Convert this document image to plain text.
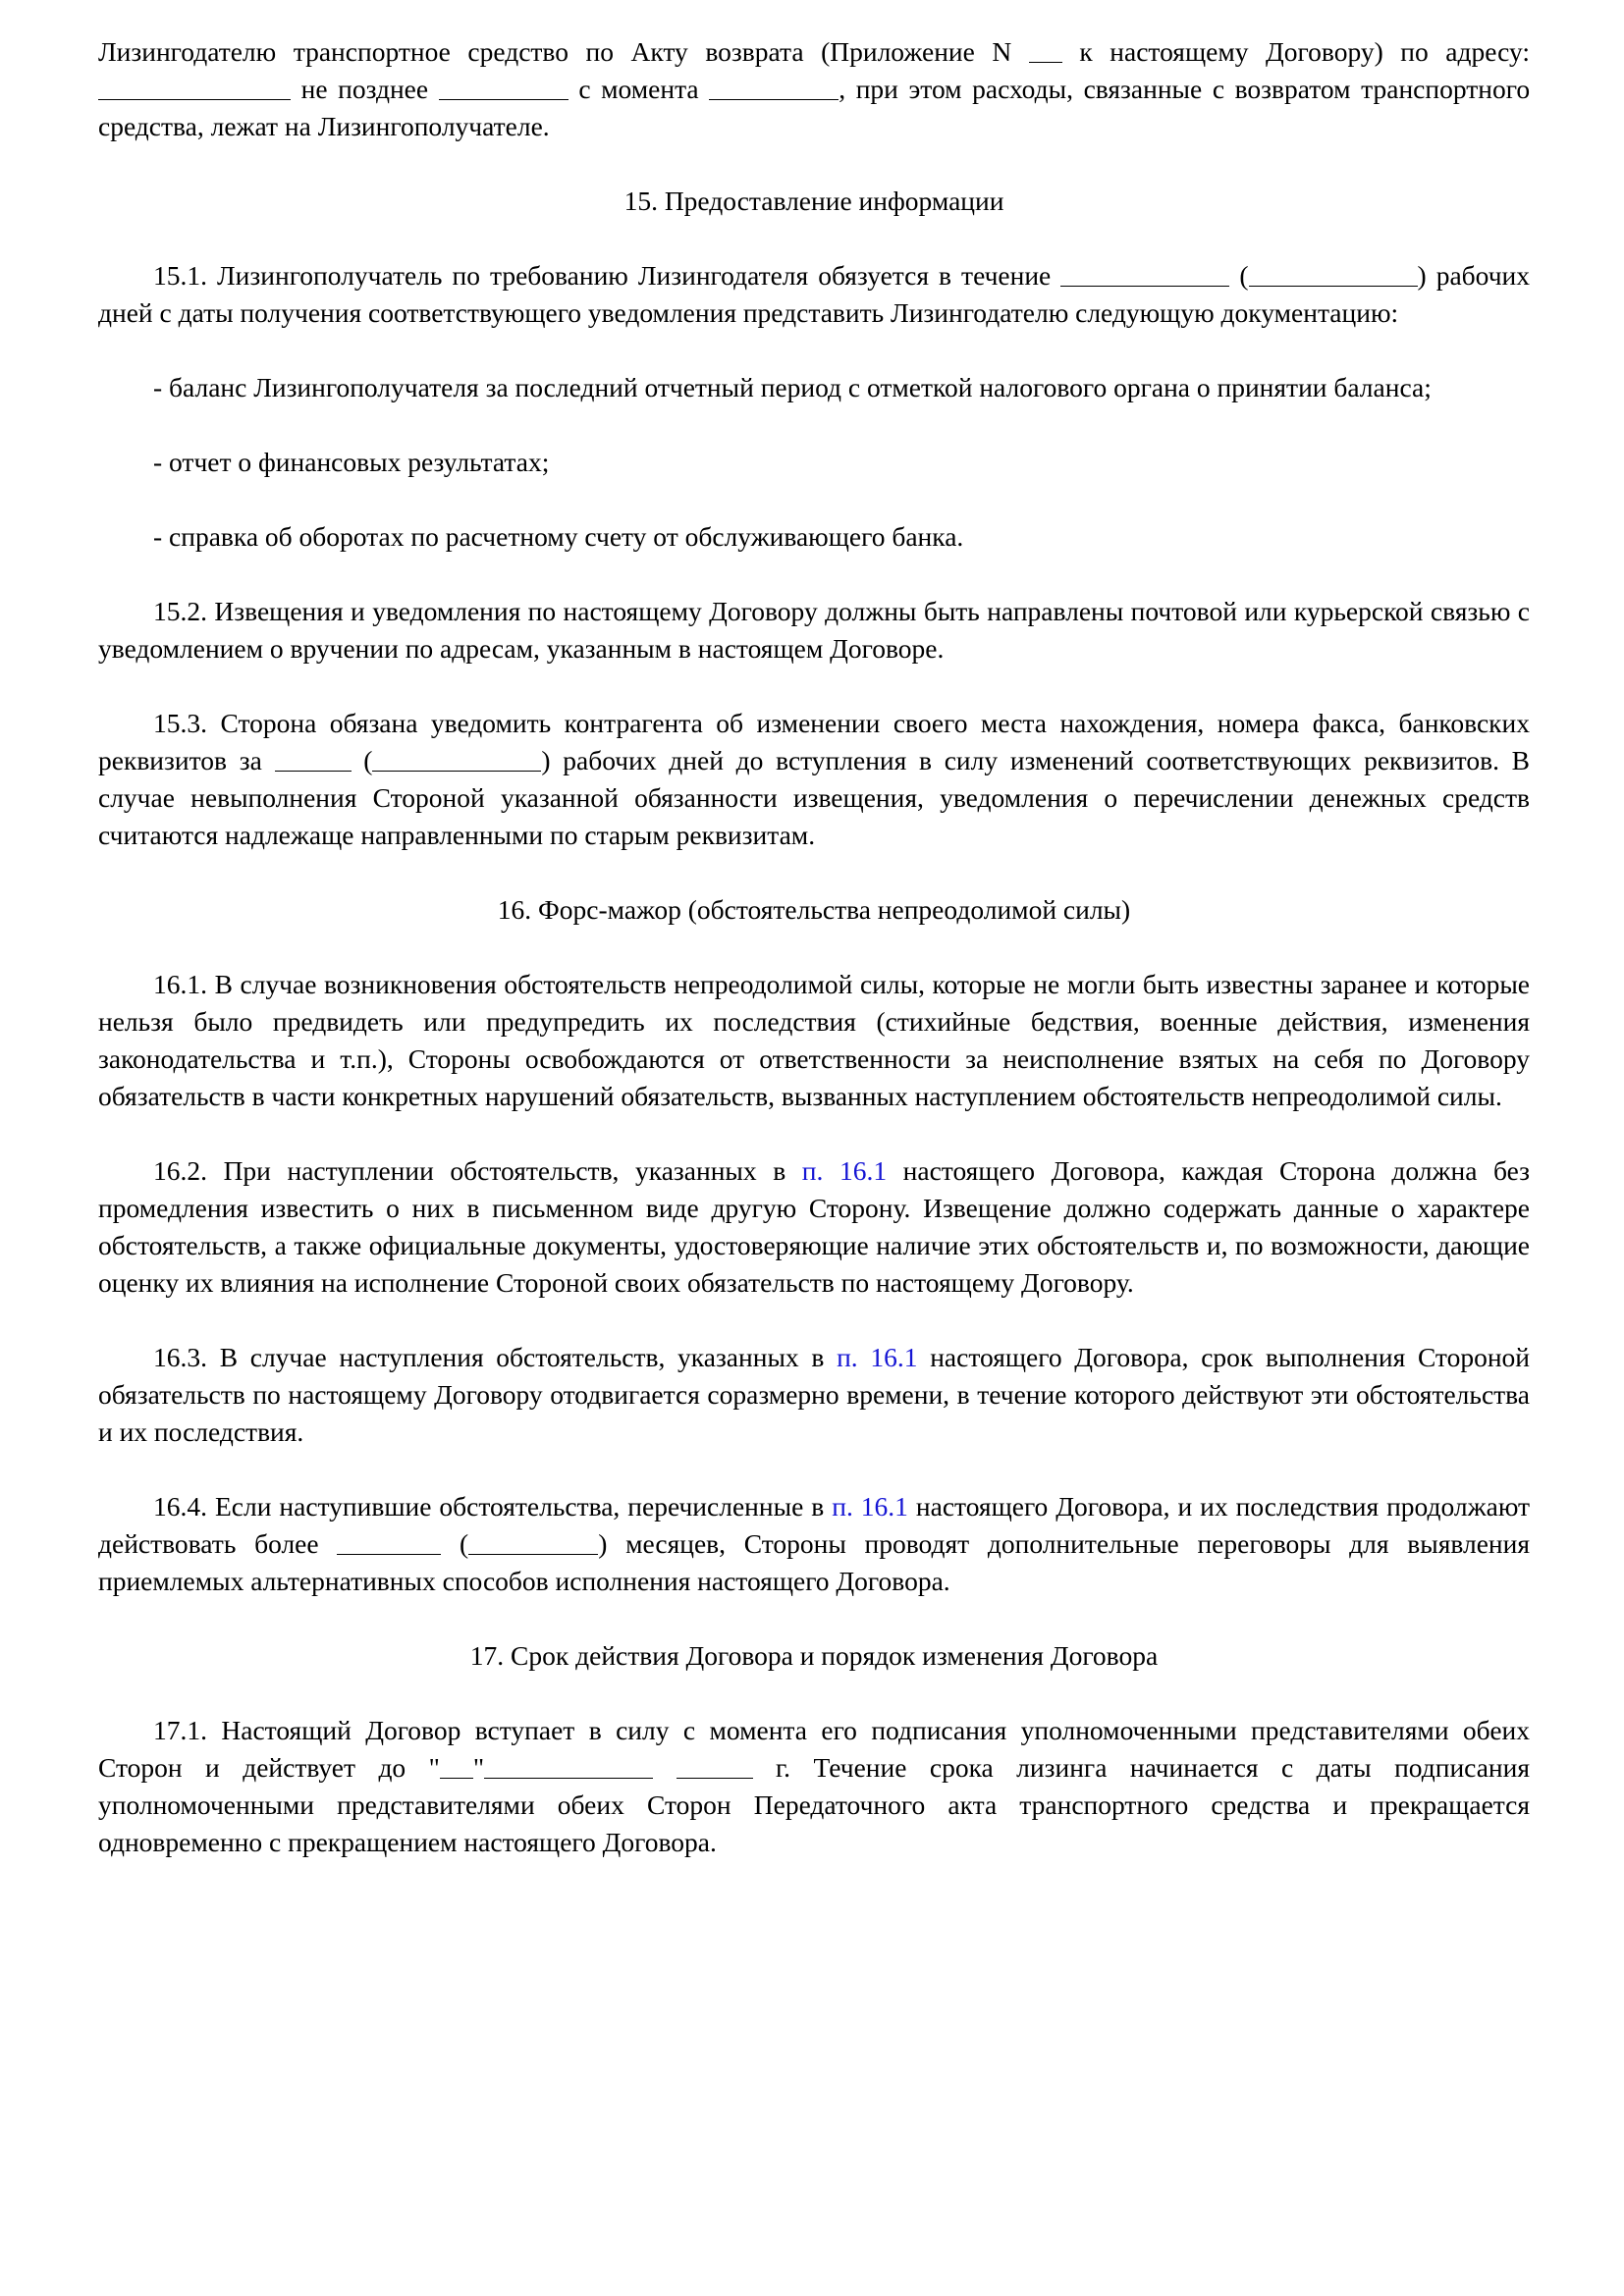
Лизингодателю транспортное средство по Акту возврата (Приложение N	к настоящему Договору) по адресу:  не позднее	с момента	, при этом расходы, связанные с возвратом транспортного средства, лежат на Лизингополучателе.

15. Предоставление информации

15.1. Лизингополучатель по требованию Лизингодателя обязуется в течение	(	) рабочих дней с даты получения соответствующего уведомления представить Лизингодателю следующую документацию:

- баланс Лизингополучателя за последний отчетный период с отметкой налогового органа о принятии баланса;

- отчет о финансовых результатах;

- справка об оборотах по расчетному счету от обслуживающего банка.

15.2. Извещения и уведомления по настоящему Договору должны быть направлены почтовой или курьерской связью с уведомлением о вручении по адресам, указанным в настоящем Договоре.

15.3. Сторона обязана уведомить контрагента об изменении своего места нахождения, номера факса, банковских реквизитов за	(	) рабочих дней до вступления в силу изменений соответствующих реквизитов. В случае невыполнения Стороной указанной обязанности извещения, уведомления о перечислении денежных средств считаются надлежаще направленными по старым реквизитам.

16. Форс-мажор (обстоятельства непреодолимой силы)

16.1. В случае возникновения обстоятельств непреодолимой силы, которые не могли быть известны заранее и которые нельзя было предвидеть или предупредить их последствия (стихийные бедствия, военные действия, изменения законодательства и т.п.), Стороны освобождаются от ответственности за неисполнение взятых на себя по Договору обязательств в части конкретных нарушений обязательств, вызванных наступлением обстоятельств непреодолимой силы.

16.2. При наступлении обстоятельств, указанных в п. 16.1 настоящего Договора, каждая Сторона должна без промедления известить о них в письменном виде другую Сторону. Извещение должно содержать данные о характере обстоятельств, а также официальные документы, удостоверяющие наличие этих обстоятельств и, по возможности, дающие оценку их влияния на исполнение Стороной своих обязательств по настоящему Договору.

16.3. В случае наступления обстоятельств, указанных в п. 16.1 настоящего Договора, срок выполнения Стороной обязательств по настоящему Договору отодвигается соразмерно времени, в течение которого действуют эти обстоятельства и их последствия.

16.4. Если наступившие обстоятельства, перечисленные в п. 16.1 настоящего Договора, и их последствия продолжают действовать более	(	) месяцев, Стороны проводят дополнительные переговоры для выявления приемлемых альтернативных способов исполнения настоящего Договора.

17. Срок действия Договора и порядок изменения Договора

17.1. Настоящий Договор вступает в силу с момента его подписания уполномоченными представителями обеих Сторон и действует до " "	г. Течение срока лизинга начинается с даты подписания уполномоченными представителями обеих Сторон Передаточного акта транспортного средства и прекращается одновременно с прекращением настоящего Договора.
